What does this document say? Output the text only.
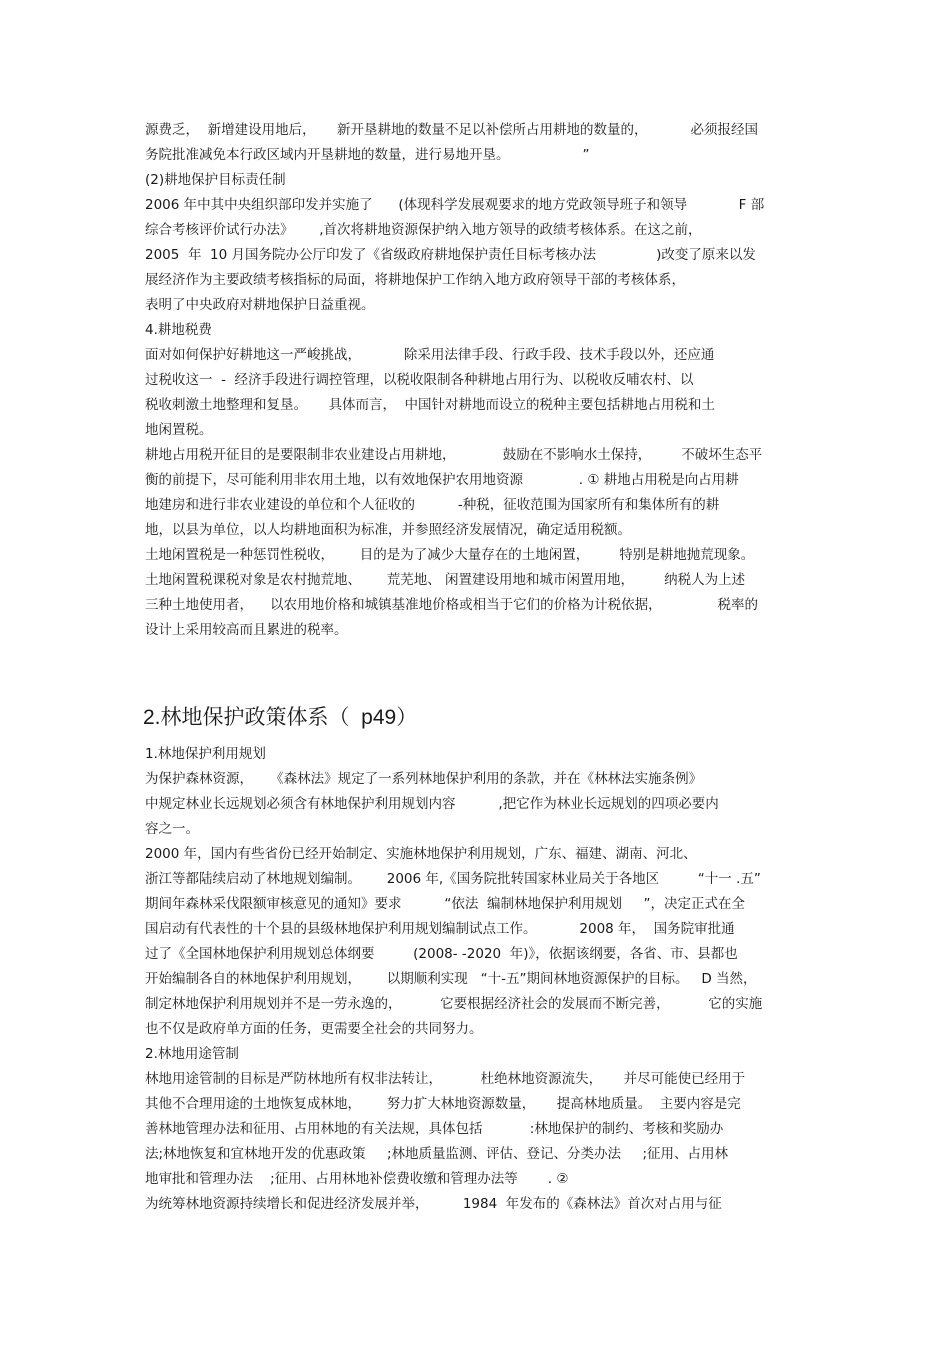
源费乏，  新增建设用地后，     新开垦耕地的数量不足以补偿所占用耕地的数量的，          必须报经国
务院批准减免本行政区域内开垦耕地的数量，进行易地开垦。                 ”
(2)耕地保护目标责任制
2006 年中其中央组织部印发并实施了      (体现科学发展观要求的地方党政领导班子和领导            F 部
综合考核评价试行办法》      ,首次将耕地资源保护纳入地方领导的政绩考核体系。在这之前，
2005  年  10 月国务院办公厅印发了《省级政府耕地保护责任目标考核办法              )改变了原来以发
展经济作为主要政绩考核指标的局面，将耕地保护工作纳入地方政府领导干部的考核体系，
表明了中央政府对耕地保护日益重视。
4.耕地税费
面对如何保护好耕地这一严峻挑战，          除采用法律手段、行政手段、技术手段以外，还应通
过税收这一  -  经济手段进行调控管理，以税收限制各种耕地占用行为、以税收反哺农村、以
税收刺激土地整理和复垦。     具体而言，  中国针对耕地而设立的税种主要包括耕地占用税和土
地闲置税。
耕地占用税开征目的是要限制非农业建设占用耕地，           鼓励在不影响水土保持，       不破坏生态平
衡的前提下，尽可能利用非农用土地，以有效地保护农用地资源             . ① 耕地占用税是向占用耕
地建房和进行非农业建设的单位和个人征收的          -种税，征收范围为国家所有和集体所有的耕
地，以县为单位，以人均耕地面积为标准，并参照经济发展情况，确定适用税额。
土地闲置税是一种惩罚性税收，      目的是为了减少大量存在的土地闲置，       特别是耕地抛荒现象。
土地闲置税课税对象是农村抛荒地、      荒芜地、 闲置建设用地和城市闲置用地，       纳税人为上述
三种土地使用者，    以农用地价格和城镇基准地价格或相当于它们的价格为计税依据，             税率的
设计上采用较高而且累进的税率。
2.林地保护政策体系（  p49）
1.林地保护利用规划
为保护森林资源，    《森林法》规定了一系列林地保护利用的条款，并在《林林法实施条例》
中规定林业长远规划必须含有林地保护利用规划内容          ,把它作为林业长远规划的四项必要内
容之一。
2000 年，国内有些省份已经开始制定、实施林地保护利用规划，广东、福建、湖南、河北、
浙江等都陆续启动了林地规划编制。      2006 年,《国务院批转国家林业局关于各地区         “十一 .五”
期间年森林采伐限额审核意见的通知》要求          “依法  编制林地保护利用规划     ”，决定正式在全
国启动有代表性的十个县的县级林地保护利用规划编制试点工作。          2008 年，  国务院审批通
过了《全国林地保护利用规划总体纲要         (2008- -2020  年)》，依据该纲要，各省、市、县都也
开始编制各自的林地保护利用规划，      以期顺利实现   “十-五”期间林地资源保护的目标。   D 当然，
制定林地保护利用规划并不是一劳永逸的，         它要根据经济社会的发展而不断完善，         它的实施
也不仅是政府单方面的任务，更需要全社会的共同努力。
2.林地用途管制
林地用途管制的目标是严防林地所有权非法转让，         杜绝林地资源流失，     并尽可能使已经用于
其他不合理用途的土地恢复成林地，      努力扩大林地资源数量，     提高林地质量。  主要内容是完
善林地管理办法和征用、占用林地的有关法规，具体包括           :林地保护的制约、考核和奖励办
法;林地恢复和宜林地开发的优惠政策     ;林地质量监测、评估、登记、分类办法     ;征用、占用林
地审批和管理办法    ;征用、占用林地补偿费收缴和管理办法等       . ②
为统筹林地资源持续增长和促进经济发展并举，        1984  年发布的《森林法》首次对占用与征
